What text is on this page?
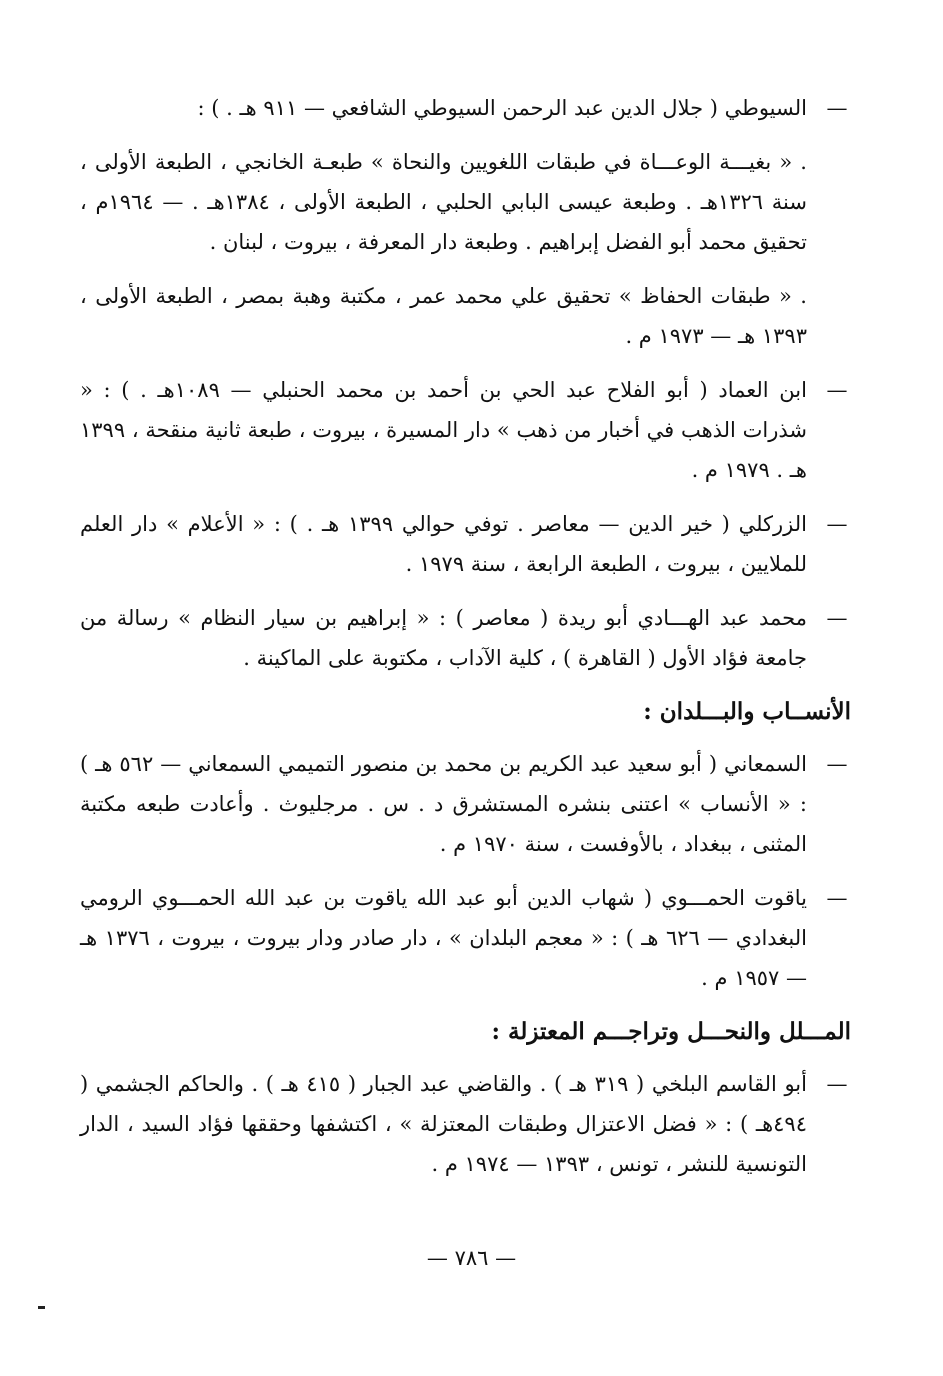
—

السيوطي ( جلال الدين عبد الرحمن السيوطي الشافعي — ٩١١ هـ . ) :

. « بغيـــة الوعـــاة في طبقات اللغويين والنحاة » طبعـة الخانجي ، الطبعة الأولى ، سنة ١٣٢٦هـ . وطبعة عيسى البابي الحلبي ، الطبعة الأولى ، ١٣٨٤هـ . — ١٩٦٤م ، تحقيق محمد أبو الفضل إبراهيم . وطبعة دار المعرفة ، بيروت ، لبنان .
. « طبقات الحفاظ » تحقيق علي محمد عمر ، مكتبة وهبة بمصر ، الطبعة الأولى ، ١٣٩٣ هـ — ١٩٧٣ م .
—

ابن العماد ( أبو الفلاح عبد الحي بن أحمد بن محمد الحنبلي — ١٠٨٩هـ . ) : « شذرات الذهب في أخبار من ذهب » دار المسيرة ، بيروت ، طبعة ثانية منقحة ، ١٣٩٩ هـ . ١٩٧٩ م .

—

الزركلي ( خير الدين — معاصر . توفي حوالي ١٣٩٩ هـ . ) : « الأعلام » دار العلم للملايين ، بيروت ، الطبعة الرابعة ، سنة ١٩٧٩ .

—

محمد عبد الهـــادي أبو ريدة ( معاصر ) : « إبراهيم بن سيار النظام » رسالة من جامعة فؤاد الأول ( القاهرة ) ، كلية الآداب ، مكتوبة على الماكينة .

الأنســاب والبـــلدان :
—

السمعاني ( أبو سعيد عبد الكريم بن محمد بن منصور التميمي السمعاني — ٥٦٢ هـ ) : « الأنساب » اعتنى بنشره المستشرق د . س . مرجليوث . وأعادت طبعه مكتبة المثنى ، ببغداد ، بالأوفست ، سنة ١٩٧٠ م .

—

ياقوت الحمـــوي ( شهاب الدين أبو عبد الله ياقوت بن عبد الله الحمـــوي الرومي البغدادي — ٦٢٦ هـ ) : « معجم البلدان » ، دار صادر ودار بيروت ، بيروت ، ١٣٧٦ هـ — ١٩٥٧ م .

المـــلل والنحـــل وتراجـــم المعتزلة :
—

أبو القاسم البلخي ( ٣١٩ هـ ) . والقاضي عبد الجبار ( ٤١٥ هـ ) . والحاكم الجشمي ( ٤٩٤هـ ) : « فضل الاعتزال وطبقات المعتزلة » ، اكتشفها وحققها فؤاد السيد ، الدار التونسية للنشر ، تونس ، ١٣٩٣ — ١٩٧٤ م .

— ٧٨٦ —
